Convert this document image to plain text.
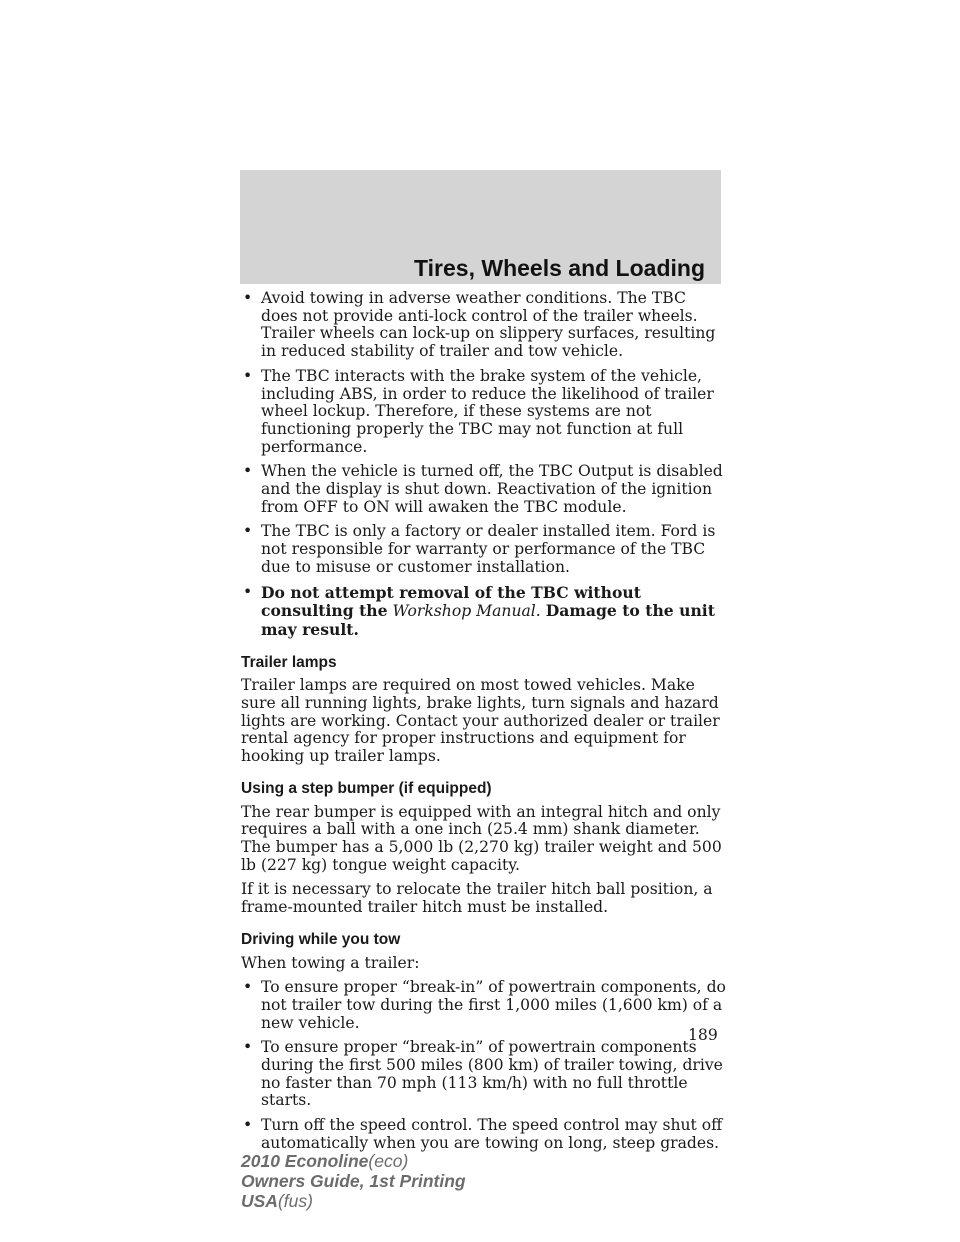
Tires, Wheels and Loading
• Avoid towing in adverse weather conditions. The TBC does not provide anti-lock control of the trailer wheels. Trailer wheels can lock-up on slippery surfaces, resulting in reduced stability of trailer and tow vehicle.
• The TBC interacts with the brake system of the vehicle, including ABS, in order to reduce the likelihood of trailer wheel lockup. Therefore, if these systems are not functioning properly the TBC may not function at full performance.
• When the vehicle is turned off, the TBC Output is disabled and the display is shut down. Reactivation of the ignition from OFF to ON will awaken the TBC module.
• The TBC is only a factory or dealer installed item. Ford is not responsible for warranty or performance of the TBC due to misuse or customer installation.
• Do not attempt removal of the TBC without consulting the Workshop Manual. Damage to the unit may result.
Trailer lamps

Trailer lamps are required on most towed vehicles. Make sure all running lights, brake lights, turn signals and hazard lights are working. Contact your authorized dealer or trailer rental agency for proper instructions and equipment for hooking up trailer lamps.

Using a step bumper (if equipped)

The rear bumper is equipped with an integral hitch and only requires a ball with a one inch (25.4 mm) shank diameter. The bumper has a 5,000 lb (2,270 kg) trailer weight and 500 lb (227 kg) tongue weight capacity.

If it is necessary to relocate the trailer hitch ball position, a frame-mounted trailer hitch must be installed.

Driving while you tow

When towing a trailer:

• To ensure proper “break-in” of powertrain components, do not trailer tow during the first 1,000 miles (1,600 km) of a new vehicle.
• To ensure proper “break-in” of powertrain components during the first 500 miles (800 km) of trailer towing, drive no faster than 70 mph (113 km/h) with no full throttle starts.
• Turn off the speed control. The speed control may shut off automatically when you are towing on long, steep grades.
189
2010 Econoline(eco)
Owners Guide, 1st Printing
USA(fus)
